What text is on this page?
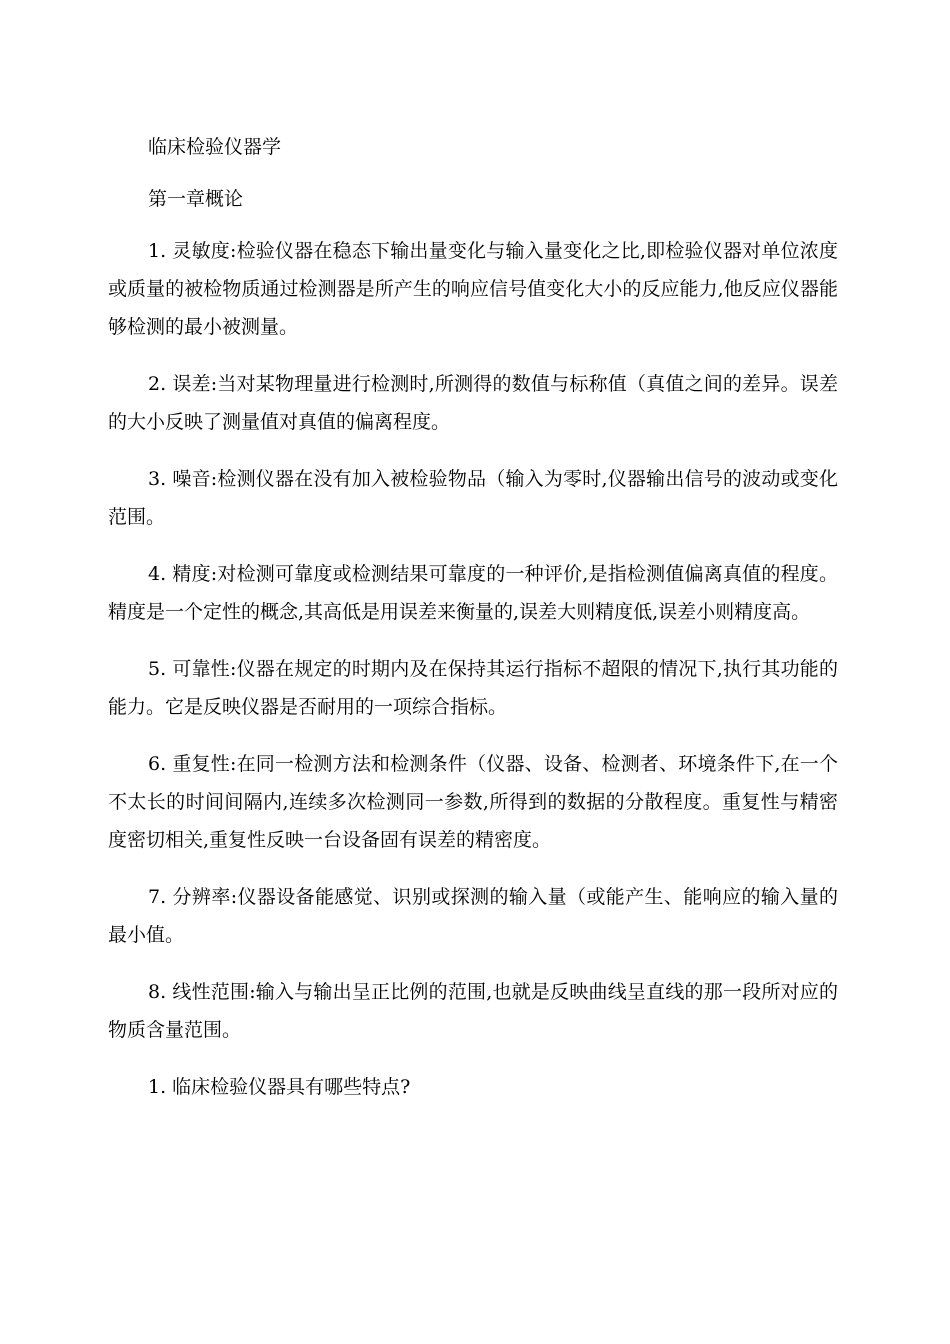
临床检验仪器学

第一章概论

1. 灵敏度:检验仪器在稳态下输出量变化与输入量变化之比,即检验仪器对单位浓度或质量的被检物质通过检测器是所产生的响应信号值变化大小的反应能力,他反应仪器能够检测的最小被测量。

2. 误差:当对某物理量进行检测时,所测得的数值与标称值（真值之间的差异。误差的大小反映了测量值对真值的偏离程度。

3. 噪音:检测仪器在没有加入被检验物品（输入为零时,仪器输出信号的波动或变化范围。

4. 精度:对检测可靠度或检测结果可靠度的一种评价,是指检测值偏离真值的程度。精度是一个定性的概念,其高低是用误差来衡量的,误差大则精度低,误差小则精度高。

5. 可靠性:仪器在规定的时期内及在保持其运行指标不超限的情况下,执行其功能的能力。它是反映仪器是否耐用的一项综合指标。

6. 重复性:在同一检测方法和检测条件（仪器、设备、检测者、环境条件下,在一个不太长的时间间隔内,连续多次检测同一参数,所得到的数据的分散程度。重复性与精密度密切相关,重复性反映一台设备固有误差的精密度。

7. 分辨率:仪器设备能感觉、识别或探测的输入量（或能产生、能响应的输入量的最小值。

8. 线性范围:输入与输出呈正比例的范围,也就是反映曲线呈直线的那一段所对应的物质含量范围。

1. 临床检验仪器具有哪些特点?
